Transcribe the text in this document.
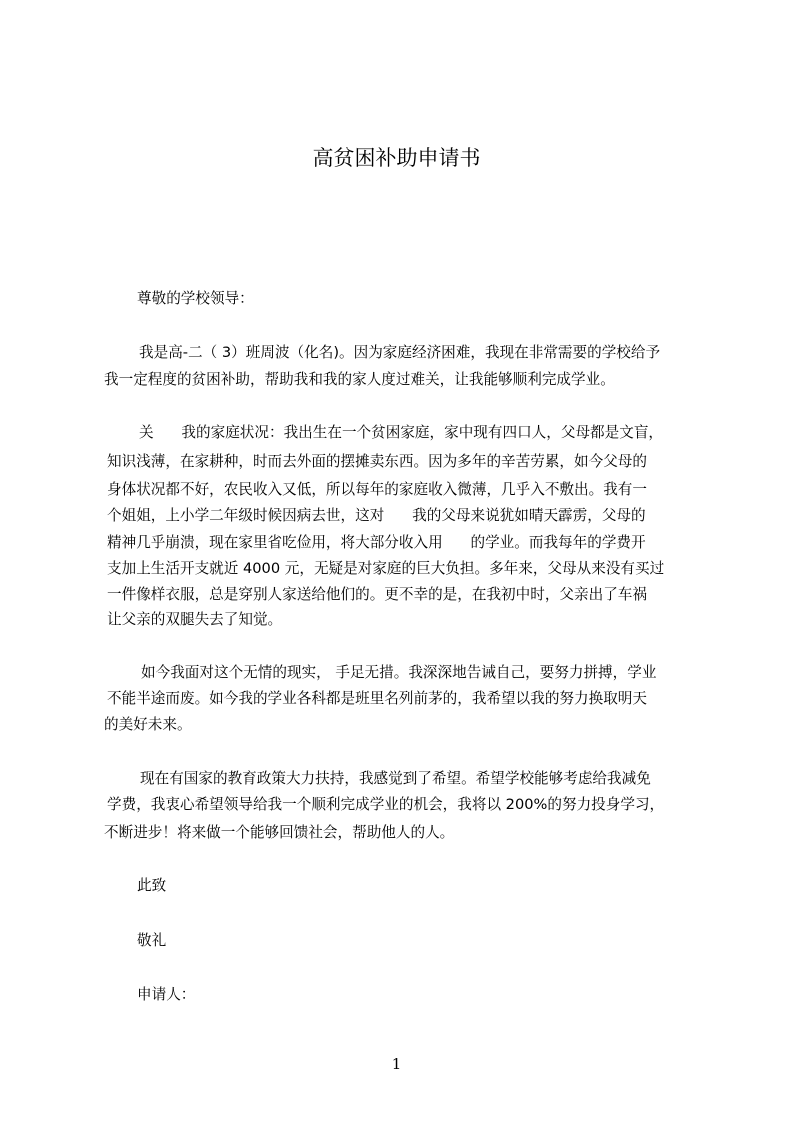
高贫困补助申请书
尊敬的学校领导：
我是高-二（ 3）班周波（化名)。因为家庭经济困难，我现在非常需要的学校给予
我一定程度的贫困补助，帮助我和我的家人度过难关，让我能够顺利完成学业。
关      我的家庭状况：我出生在一个贫困家庭，家中现有四口人，父母都是文盲，
知识浅薄，在家耕种，时而去外面的摆摊卖东西。因为多年的辛苦劳累，如今父母的
身体状况都不好，农民收入又低，所以每年的家庭收入微薄，几乎入不敷出。我有一
个姐姐，上小学二年级时候因病去世，这对      我的父母来说犹如晴天霹雳，父母的
精神几乎崩溃，现在家里省吃俭用，将大部分收入用      的学业。而我每年的学费开
支加上生活开支就近 4000 元，无疑是对家庭的巨大负担。多年来，父母从来没有买过
一件像样衣服，总是穿别人家送给他们的。更不幸的是，在我初中时，父亲出了车祸
让父亲的双腿失去了知觉。
如今我面对这个无情的现实， 手足无措。我深深地告诫自己，要努力拼搏，学业
不能半途而废。如今我的学业各科都是班里名列前茅的，我希望以我的努力换取明天
的美好未来。
现在有国家的教育政策大力扶持，我感觉到了希望。希望学校能够考虑给我减免
学费，我衷心希望领导给我一个顺利完成学业的机会，我将以 200%的努力投身学习，
不断进步！将来做一个能够回馈社会，帮助他人的人。
此致
敬礼
申请人：
1
